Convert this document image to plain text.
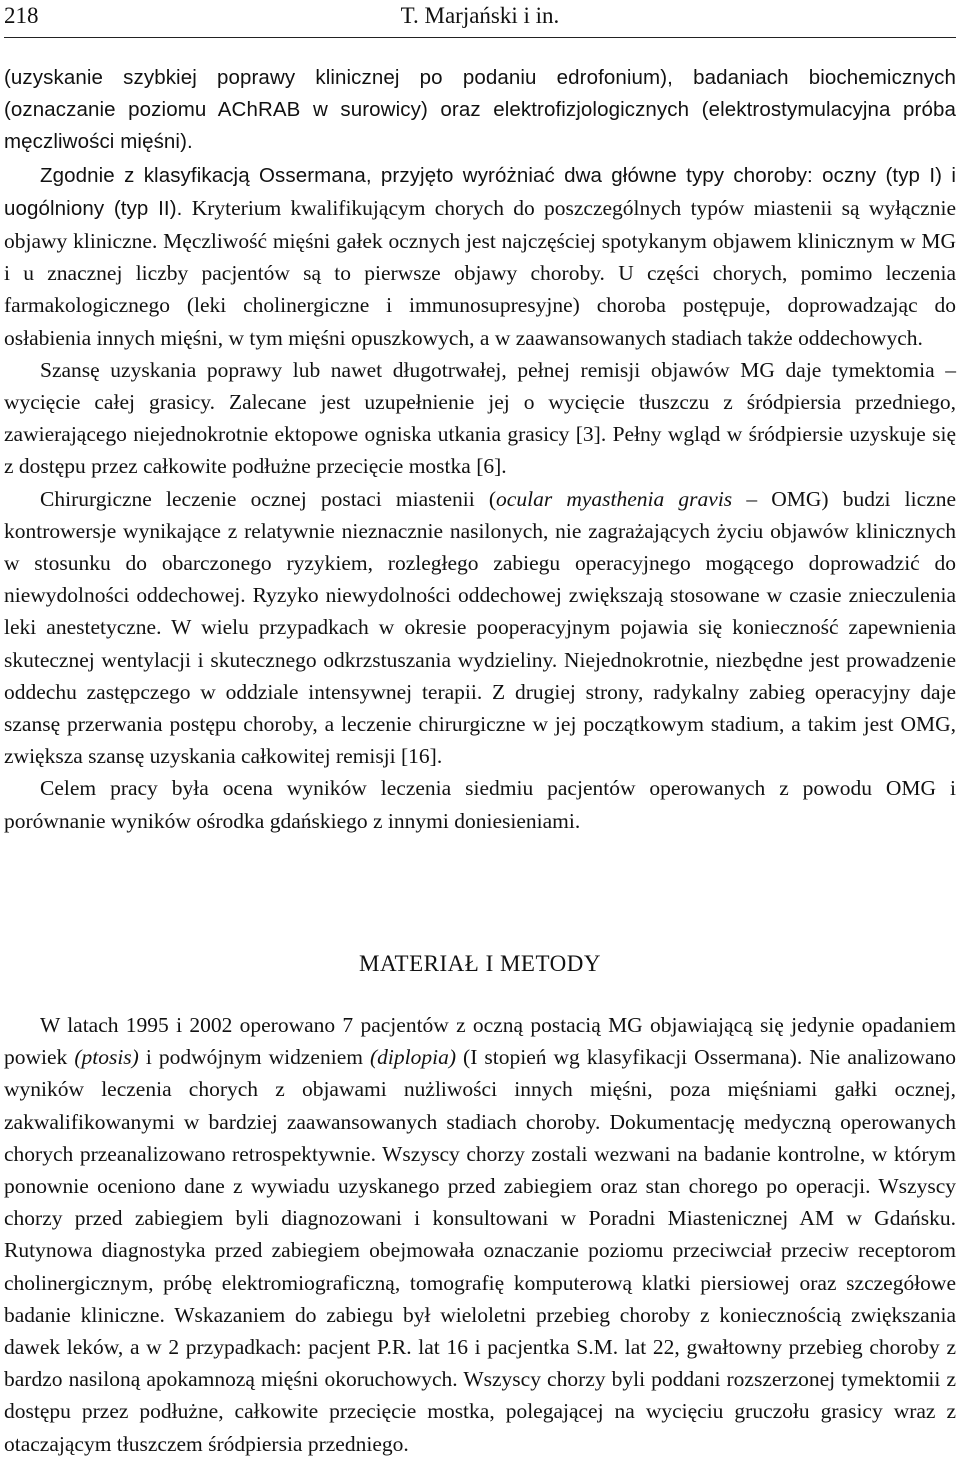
218	T. Marjański i in.

(uzyskanie szybkiej poprawy klinicznej po podaniu edrofonium), badaniach biochemicznych (oznaczanie poziomu AChRAB w surowicy) oraz elektrofizjologicznych (elektrostymulacyjna próba męczliwości mięśni).

Zgodnie z klasyfikacją Ossermana, przyjęto wyróżniać dwa główne typy choroby: oczny (typ I) i uogólniony (typ II). Kryterium kwalifikującym chorych do poszczególnych typów miastenii są wyłącznie objawy kliniczne. Męczliwość mięśni gałek ocznych jest najczęściej spotykanym objawem klinicznym w MG i u znacznej liczby pacjentów są to pierwsze objawy choroby. U części chorych, pomimo leczenia farmakologicznego (leki cholinergiczne i immunosupresyjne) choroba postępuje, doprowadzając do osłabienia innych mięśni, w tym mięśni opuszkowych, a w zaawansowanych stadiach także oddechowych.

Szansę uzyskania poprawy lub nawet długotrwałej, pełnej remisji objawów MG daje tymektomia – wycięcie całej grasicy. Zalecane jest uzupełnienie jej o wycięcie tłuszczu z śródpiersia przedniego, zawierającego niejednokrotnie ektopowe ogniska utkania grasicy [3]. Pełny wgląd w śródpiersie uzyskuje się z dostępu przez całkowite podłużne przecięcie mostka [6].

Chirurgiczne leczenie ocznej postaci miastenii (ocular myasthenia gravis – OMG) budzi liczne kontrowersje wynikające z relatywnie nieznacznie nasilonych, nie zagrażających życiu objawów klinicznych w stosunku do obarczonego ryzykiem, rozległego zabiegu operacyjnego mogącego doprowadzić do niewydolności oddechowej. Ryzyko niewydolności oddechowej zwiększają stosowane w czasie znieczulenia leki anestetyczne. W wielu przypadkach w okresie pooperacyjnym pojawia się konieczność zapewnienia skutecznej wentylacji i skutecznego odkrzstuszania wydzieliny. Niejednokrotnie, niezbędne jest prowadzenie oddechu zastępczego w oddziale intensywnej terapii. Z drugiej strony, radykalny zabieg operacyjny daje szansę przerwania postępu choroby, a leczenie chirurgiczne w jej początkowym stadium, a takim jest OMG, zwiększa szansę uzyskania całkowitej remisji [16].

Celem pracy była ocena wyników leczenia siedmiu pacjentów operowanych z powodu OMG i porównanie wyników ośrodka gdańskiego z innymi doniesieniami.

MATERIAŁ I METODY

W latach 1995 i 2002 operowano 7 pacjentów z oczną postacią MG objawiającą się jedynie opadaniem powiek (ptosis) i podwójnym widzeniem (diplopia) (I stopień wg klasyfikacji Ossermana). Nie analizowano wyników leczenia chorych z objawami nużliwości innych mięśni, poza mięśniami gałki ocznej, zakwalifikowanymi w bardziej zaawansowanych stadiach choroby. Dokumentację medyczną operowanych chorych przeanalizowano retrospektywnie. Wszyscy chorzy zostali wezwani na badanie kontrolne, w którym ponownie oceniono dane z wywiadu uzyskanego przed zabiegiem oraz stan chorego po operacji. Wszyscy chorzy przed zabiegiem byli diagnozowani i konsultowani w Poradni Miastenicznej AM w Gdańsku. Rutynowa diagnostyka przed zabiegiem obejmowała oznaczanie poziomu przeciwciał przeciw receptorom cholinergicznym, próbę elektromiograficzną, tomografię komputerową klatki piersiowej oraz szczegółowe badanie kliniczne. Wskazaniem do zabiegu był wieloletni przebieg choroby z koniecznością zwiększania dawek leków, a w 2 przypadkach: pacjent P.R. lat 16 i pacjentka S.M. lat 22, gwałtowny przebieg choroby z bardzo nasiloną apokamnozą mięśni okoruchowych. Wszyscy chorzy byli poddani rozszerzonej tymektomii z dostępu przez podłużne, całkowite przecięcie mostka, polegającej na wycięciu gruczołu grasicy wraz z otaczającym tłuszczem śródpiersia przedniego.
